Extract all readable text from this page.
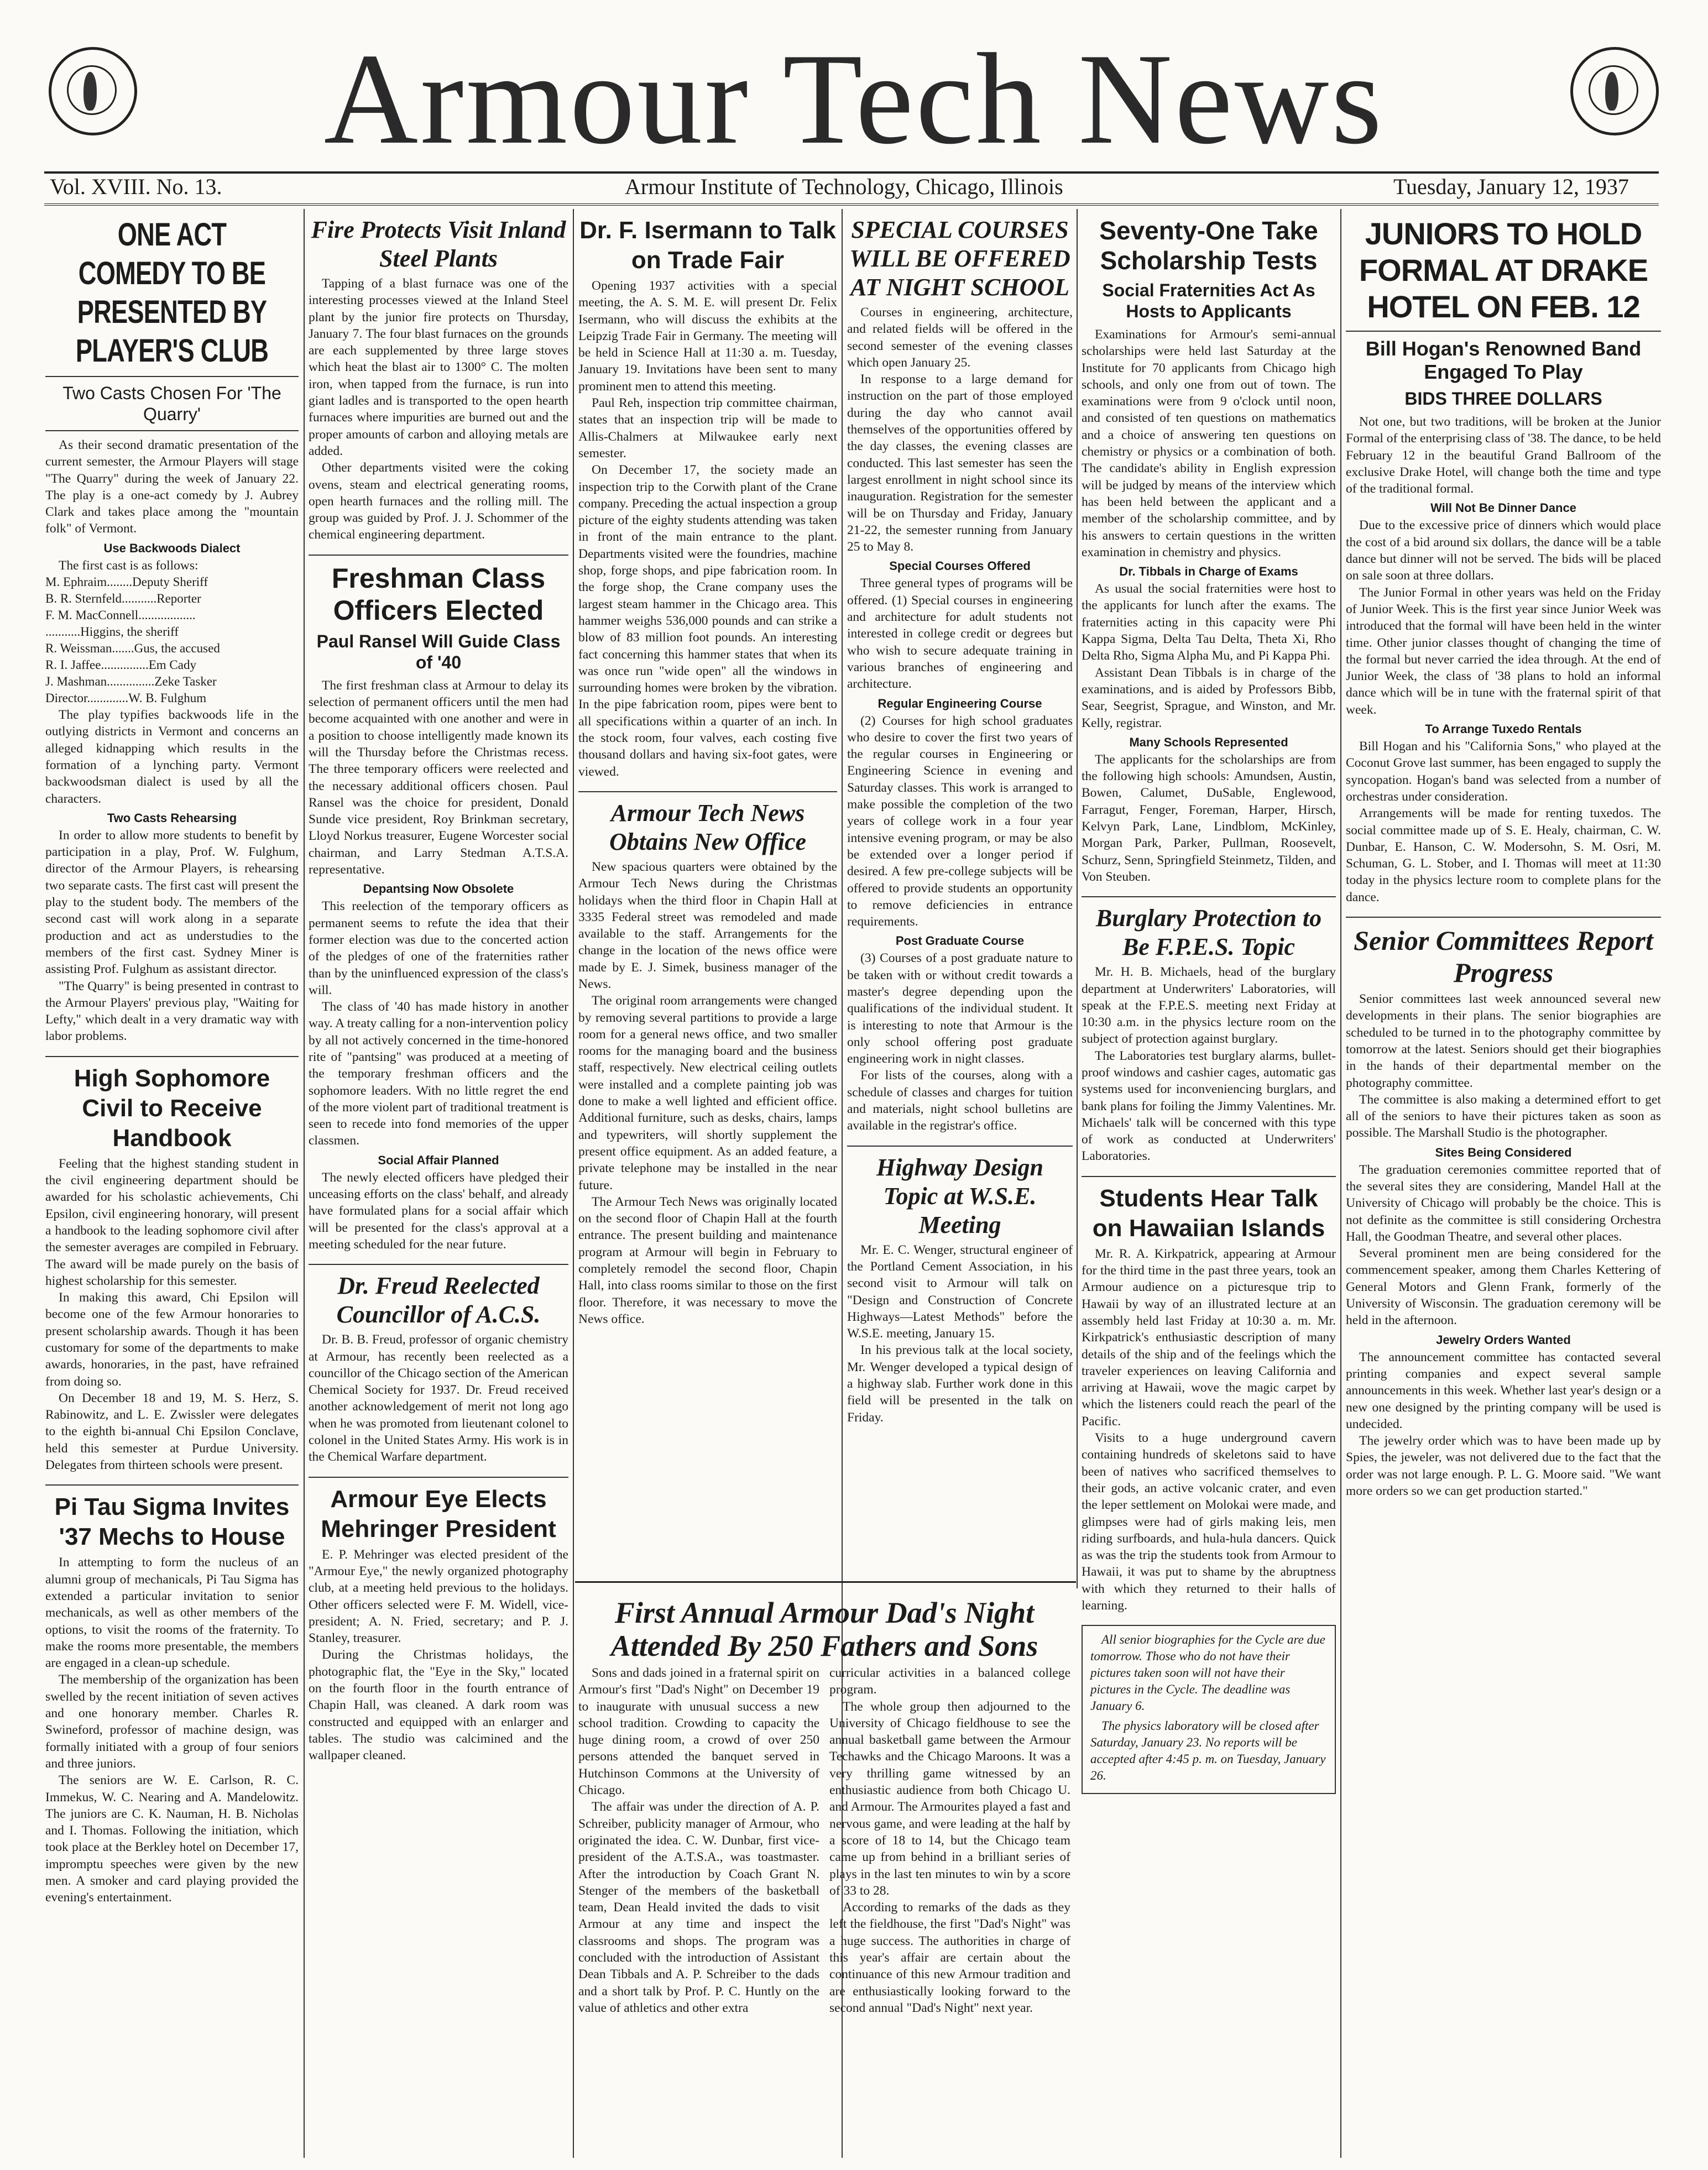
Armour Tech News
Vol. XVIII. No. 13.	Armour Institute of Technology, Chicago, Illinois	Tuesday, January 12, 1937
ONE ACT COMEDY TO BE PRESENTED BY PLAYER'S CLUB
Two Casts Chosen For 'The Quarry'

As their second dramatic presentation of the current semester, the Armour Players will stage "The Quarry" during the week of January 22. The play is a one-act comedy by J. Aubrey Clark and takes place among the "mountain folk" of Vermont.

Use Backwoods Dialect

The first cast is as follows:

M. Ephraim........Deputy Sheriff
B. R. Sternfeld...........Reporter
F. M. MacConnell..................
...........Higgins, the sheriff
R. Weissman.......Gus, the accused
R. I. Jaffee...............Em Cady
J. Mashman...............Zeke Tasker
Director.............W. B. Fulghum

The play typifies backwoods life in the outlying districts in Vermont and concerns an alleged kidnapping which results in the formation of a lynching party. Vermont backwoodsman dialect is used by all the characters.

Two Casts Rehearsing

In order to allow more students to benefit by participation in a play, Prof. W. Fulghum, director of the Armour Players, is rehearsing two separate casts. The first cast will present the play to the student body. The members of the second cast will work along in a separate production and act as understudies to the members of the first cast. Sydney Miner is assisting Prof. Fulghum as assistant director.

"The Quarry" is being presented in contrast to the Armour Players' previous play, "Waiting for Lefty," which dealt in a very dramatic way with labor problems.

High Sophomore Civil to Receive Handbook

Feeling that the highest standing student in the civil engineering department should be awarded for his scholastic achievements, Chi Epsilon, civil engineering honorary, will present a handbook to the leading sophomore civil after the semester averages are compiled in February. The award will be made purely on the basis of highest scholarship for this semester.

In making this award, Chi Epsilon will become one of the few Armour honoraries to present scholarship awards. Though it has been customary for some of the departments to make awards, honoraries, in the past, have refrained from doing so.

On December 18 and 19, M. S. Herz, S. Rabinowitz, and L. E. Zwissler were delegates to the eighth bi-annual Chi Epsilon Conclave, held this semester at Purdue University. Delegates from thirteen schools were present.

Pi Tau Sigma Invites '37 Mechs to House

In attempting to form the nucleus of an alumni group of mechanicals, Pi Tau Sigma has extended a particular invitation to senior mechanicals, as well as other members of the options, to visit the rooms of the fraternity. To make the rooms more presentable, the members are engaged in a clean-up schedule.

The membership of the organization has been swelled by the recent initiation of seven actives and one honorary member. Charles R. Swineford, professor of machine design, was formally initiated with a group of four seniors and three juniors.

The seniors are W. E. Carlson, R. C. Immekus, W. C. Nearing and A. Mandelowitz. The juniors are C. K. Nauman, H. B. Nicholas and I. Thomas. Following the initiation, which took place at the Berkley hotel on December 17, impromptu speeches were given by the new men. A smoker and card playing provided the evening's entertainment.

Fire Protects Visit Inland Steel Plants

Tapping of a blast furnace was one of the interesting processes viewed at the Inland Steel plant by the junior fire protects on Thursday, January 7. The four blast furnaces on the grounds are each supplemented by three large stoves which heat the blast air to 1300° C. The molten iron, when tapped from the furnace, is run into giant ladles and is transported to the open hearth furnaces where impurities are burned out and the proper amounts of carbon and alloying metals are added.

Other departments visited were the coking ovens, steam and electrical generating rooms, open hearth furnaces and the rolling mill. The group was guided by Prof. J. J. Schommer of the chemical engineering department.

Freshman Class Officers Elected
Paul Ransel Will Guide Class of '40

The first freshman class at Armour to delay its selection of permanent officers until the men had become acquainted with one another and were in a position to choose intelligently made known its will the Thursday before the Christmas recess. The three temporary officers were reelected and the necessary additional officers chosen. Paul Ransel was the choice for president, Donald Sunde vice president, Roy Brinkman secretary, Lloyd Norkus treasurer, Eugene Worcester social chairman, and Larry Stedman A.T.S.A. representative.

Depantsing Now Obsolete

This reelection of the temporary officers as permanent seems to refute the idea that their former election was due to the concerted action of the pledges of one of the fraternities rather than by the uninfluenced expression of the class's will.

The class of '40 has made history in another way. A treaty calling for a non-intervention policy by all not actively concerned in the time-honored rite of "pantsing" was produced at a meeting of the temporary freshman officers and the sophomore leaders. With no little regret the end of the more violent part of traditional treatment is seen to recede into fond memories of the upper classmen.

Social Affair Planned

The newly elected officers have pledged their unceasing efforts on the class' behalf, and already have formulated plans for a social affair which will be presented for the class's approval at a meeting scheduled for the near future.

Dr. Freud Reelected Councillor of A.C.S.

Dr. B. B. Freud, professor of organic chemistry at Armour, has recently been reelected as a councillor of the Chicago section of the American Chemical Society for 1937. Dr. Freud received another acknowledgement of merit not long ago when he was promoted from lieutenant colonel to colonel in the United States Army. His work is in the Chemical Warfare department.

Armour Eye Elects Mehringer President

E. P. Mehringer was elected president of the "Armour Eye," the newly organized photography club, at a meeting held previous to the holidays. Other officers selected were F. M. Widell, vice-president; A. N. Fried, secretary; and P. J. Stanley, treasurer.

During the Christmas holidays, the photographic flat, the "Eye in the Sky," located on the fourth floor in the fourth entrance of Chapin Hall, was cleaned. A dark room was constructed and equipped with an enlarger and tables. The studio was calcimined and the wallpaper cleaned.

Dr. F. Isermann to Talk on Trade Fair

Opening 1937 activities with a special meeting, the A. S. M. E. will present Dr. Felix Isermann, who will discuss the exhibits at the Leipzig Trade Fair in Germany. The meeting will be held in Science Hall at 11:30 a. m. Tuesday, January 19. Invitations have been sent to many prominent men to attend this meeting.

Paul Reh, inspection trip committee chairman, states that an inspection trip will be made to Allis-Chalmers at Milwaukee early next semester.

On December 17, the society made an inspection trip to the Corwith plant of the Crane company. Preceding the actual inspection a group picture of the eighty students attending was taken in front of the main entrance to the plant. Departments visited were the foundries, machine shop, forge shops, and pipe fabrication room. In the forge shop, the Crane company uses the largest steam hammer in the Chicago area. This hammer weighs 536,000 pounds and can strike a blow of 83 million foot pounds. An interesting fact concerning this hammer states that when its was once run "wide open" all the windows in surrounding homes were broken by the vibration. In the pipe fabrication room, pipes were bent to all specifications within a quarter of an inch. In the stock room, four valves, each costing five thousand dollars and having six-foot gates, were viewed.

Armour Tech News Obtains New Office

New spacious quarters were obtained by the Armour Tech News during the Christmas holidays when the third floor in Chapin Hall at 3335 Federal street was remodeled and made available to the staff. Arrangements for the change in the location of the news office were made by E. J. Simek, business manager of the News.

The original room arrangements were changed by removing several partitions to provide a large room for a general news office, and two smaller rooms for the managing board and the business staff, respectively. New electrical ceiling outlets were installed and a complete painting job was done to make a well lighted and efficient office. Additional furniture, such as desks, chairs, lamps and typewriters, will shortly supplement the present office equipment. As an added feature, a private telephone may be installed in the near future.

The Armour Tech News was originally located on the second floor of Chapin Hall at the fourth entrance. The present building and maintenance program at Armour will begin in February to completely remodel the second floor, Chapin Hall, into class rooms similar to those on the first floor. Therefore, it was necessary to move the News office.

SPECIAL COURSES WILL BE OFFERED AT NIGHT SCHOOL

Courses in engineering, architecture, and related fields will be offered in the second semester of the evening classes which open January 25.

In response to a large demand for instruction on the part of those employed during the day who cannot avail themselves of the opportunities offered by the day classes, the evening classes are conducted. This last semester has seen the largest enrollment in night school since its inauguration. Registration for the semester will be on Thursday and Friday, January 21-22, the semester running from January 25 to May 8.

Special Courses Offered

Three general types of programs will be offered. (1) Special courses in engineering and architecture for adult students not interested in college credit or degrees but who wish to secure adequate training in various branches of engineering and architecture.

Regular Engineering Course

(2) Courses for high school graduates who desire to cover the first two years of the regular courses in Engineering or Engineering Science in evening and Saturday classes. This work is arranged to make possible the completion of the two years of college work in a four year intensive evening program, or may be also be extended over a longer period if desired. A few pre-college subjects will be offered to provide students an opportunity to remove deficiencies in entrance requirements.

Post Graduate Course

(3) Courses of a post graduate nature to be taken with or without credit towards a master's degree depending upon the qualifications of the individual student. It is interesting to note that Armour is the only school offering post graduate engineering work in night classes.

For lists of the courses, along with a schedule of classes and charges for tuition and materials, night school bulletins are available in the registrar's office.

Highway Design Topic at W.S.E. Meeting

Mr. E. C. Wenger, structural engineer of the Portland Cement Association, in his second visit to Armour will talk on "Design and Construction of Concrete Highways—Latest Methods" before the W.S.E. meeting, January 15.

In his previous talk at the local society, Mr. Wenger developed a typical design of a highway slab. Further work done in this field will be presented in the talk on Friday.

Seventy-One Take Scholarship Tests
Social Fraternities Act As Hosts to Applicants

Examinations for Armour's semi-annual scholarships were held last Saturday at the Institute for 70 applicants from Chicago high schools, and only one from out of town. The examinations were from 9 o'clock until noon, and consisted of ten questions on mathematics and a choice of answering ten questions on chemistry or physics or a combination of both. The candidate's ability in English expression will be judged by means of the interview which has been held between the applicant and a member of the scholarship committee, and by his answers to certain questions in the written examination in chemistry and physics.

Dr. Tibbals in Charge of Exams

As usual the social fraternities were host to the applicants for lunch after the exams. The fraternities acting in this capacity were Phi Kappa Sigma, Delta Tau Delta, Theta Xi, Rho Delta Rho, Sigma Alpha Mu, and Pi Kappa Phi.

Assistant Dean Tibbals is in charge of the examinations, and is aided by Professors Bibb, Sear, Seegrist, Sprague, and Winston, and Mr. Kelly, registrar.

Many Schools Represented

The applicants for the scholarships are from the following high schools: Amundsen, Austin, Bowen, Calumet, DuSable, Englewood, Farragut, Fenger, Foreman, Harper, Hirsch, Kelvyn Park, Lane, Lindblom, McKinley, Morgan Park, Parker, Pullman, Roosevelt, Schurz, Senn, Springfield Steinmetz, Tilden, and Von Steuben.

Burglary Protection to Be F.P.E.S. Topic

Mr. H. B. Michaels, head of the burglary department at Underwriters' Laboratories, will speak at the F.P.E.S. meeting next Friday at 10:30 a.m. in the physics lecture room on the subject of protection against burglary.

The Laboratories test burglary alarms, bullet-proof windows and cashier cages, automatic gas systems used for inconveniencing burglars, and bank plans for foiling the Jimmy Valentines. Mr. Michaels' talk will be concerned with this type of work as conducted at Underwriters' Laboratories.

Students Hear Talk on Hawaiian Islands

Mr. R. A. Kirkpatrick, appearing at Armour for the third time in the past three years, took an Armour audience on a picturesque trip to Hawaii by way of an illustrated lecture at an assembly held last Friday at 10:30 a. m. Mr. Kirkpatrick's enthusiastic description of many details of the ship and of the feelings which the traveler experiences on leaving California and arriving at Hawaii, wove the magic carpet by which the listeners could reach the pearl of the Pacific.

Visits to a huge underground cavern containing hundreds of skeletons said to have been of natives who sacrificed themselves to their gods, an active volcanic crater, and even the leper settlement on Molokai were made, and glimpses were had of girls making leis, men riding surfboards, and hula-hula dancers. Quick as was the trip the students took from Armour to Hawaii, it was put to shame by the abruptness with which they returned to their halls of learning.

All senior biographies for the Cycle are due tomorrow. Those who do not have their pictures taken soon will not have their pictures in the Cycle. The deadline was January 6.

The physics laboratory will be closed after Saturday, January 23. No reports will be accepted after 4:45 p. m. on Tuesday, January 26.

JUNIORS TO HOLD FORMAL AT DRAKE HOTEL ON FEB. 12
Bill Hogan's Renowned Band Engaged To Play
BIDS THREE DOLLARS

Not one, but two traditions, will be broken at the Junior Formal of the enterprising class of '38. The dance, to be held February 12 in the beautiful Grand Ballroom of the exclusive Drake Hotel, will change both the time and type of the traditional formal.

Will Not Be Dinner Dance

Due to the excessive price of dinners which would place the cost of a bid around six dollars, the dance will be a table dance but dinner will not be served. The bids will be placed on sale soon at three dollars.

The Junior Formal in other years was held on the Friday of Junior Week. This is the first year since Junior Week was introduced that the formal will have been held in the winter time. Other junior classes thought of changing the time of the formal but never carried the idea through. At the end of Junior Week, the class of '38 plans to hold an informal dance which will be in tune with the fraternal spirit of that week.

To Arrange Tuxedo Rentals

Bill Hogan and his "California Sons," who played at the Coconut Grove last summer, has been engaged to supply the syncopation. Hogan's band was selected from a number of orchestras under consideration.

Arrangements will be made for renting tuxedos. The social committee made up of S. E. Healy, chairman, C. W. Dunbar, E. Hanson, C. W. Modersohn, S. M. Osri, M. Schuman, G. L. Stober, and I. Thomas will meet at 11:30 today in the physics lecture room to complete plans for the dance.

Senior Committees Report Progress

Senior committees last week announced several new developments in their plans. The senior biographies are scheduled to be turned in to the photography committee by tomorrow at the latest. Seniors should get their biographies in the hands of their departmental member on the photography committee.

The committee is also making a determined effort to get all of the seniors to have their pictures taken as soon as possible. The Marshall Studio is the photographer.

Sites Being Considered

The graduation ceremonies committee reported that of the several sites they are considering, Mandel Hall at the University of Chicago will probably be the choice. This is not definite as the committee is still considering Orchestra Hall, the Goodman Theatre, and several other places.

Several prominent men are being considered for the commencement speaker, among them Charles Kettering of General Motors and Glenn Frank, formerly of the University of Wisconsin. The graduation ceremony will be held in the afternoon.

Jewelry Orders Wanted

The announcement committee has contacted several printing companies and expect several sample announcements in this week. Whether last year's design or a new one designed by the printing company will be used is undecided.

The jewelry order which was to have been made up by Spies, the jeweler, was not delivered due to the fact that the order was not large enough. P. L. G. Moore said. "We want more orders so we can get production started."

First Annual Armour Dad's Night Attended By 250 Fathers and Sons

Sons and dads joined in a fraternal spirit on Armour's first "Dad's Night" on December 19 to inaugurate with unusual success a new school tradition. Crowding to capacity the huge dining room, a crowd of over 250 persons attended the banquet served in Hutchinson Commons at the University of Chicago.

The affair was under the direction of A. P. Schreiber, publicity manager of Armour, who originated the idea. C. W. Dunbar, first vice-president of the A.T.S.A., was toastmaster. After the introduction by Coach Grant N. Stenger of the members of the basketball team, Dean Heald invited the dads to visit Armour at any time and inspect the classrooms and shops. The program was concluded with the introduction of Assistant Dean Tibbals and A. P. Schreiber to the dads and a short talk by Prof. P. C. Huntly on the value of athletics and other extra

curricular activities in a balanced college program.

The whole group then adjourned to the University of Chicago fieldhouse to see the annual basketball game between the Armour Techawks and the Chicago Maroons. It was a very thrilling game witnessed by an enthusiastic audience from both Chicago U. and Armour. The Armourites played a fast and nervous game, and were leading at the half by a score of 18 to 14, but the Chicago team came up from behind in a brilliant series of plays in the last ten minutes to win by a score of 33 to 28.

According to remarks of the dads as they left the fieldhouse, the first "Dad's Night" was a huge success. The authorities in charge of this year's affair are certain about the continuance of this new Armour tradition and are enthusiastically looking forward to the second annual "Dad's Night" next year.
